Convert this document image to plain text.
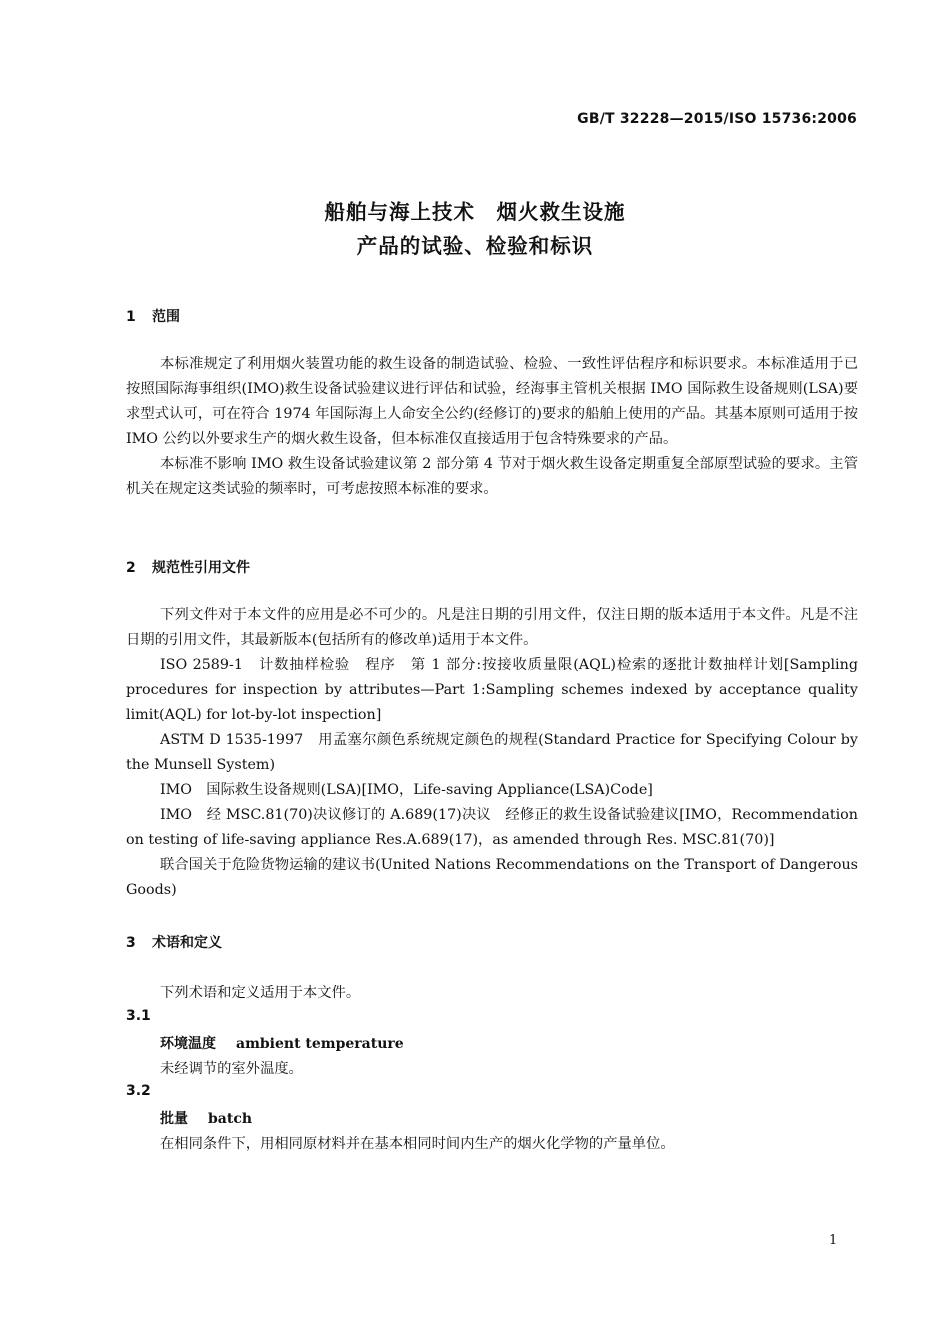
GB/T 32228—2015/ISO 15736:2006
船舶与海上技术　烟火救生设施
产品的试验、检验和标识
1 范围

本标准规定了利用烟火装置功能的救生设备的制造试验、检验、一致性评估程序和标识要求。本标准适用于已按照国际海事组织(IMO)救生设备试验建议进行评估和试验，经海事主管机关根据 IMO 国际救生设备规则(LSA)要求型式认可，可在符合 1974 年国际海上人命安全公约(经修订的)要求的船舶上使用的产品。其基本原则可适用于按 IMO 公约以外要求生产的烟火救生设备，但本标准仅直接适用于包含特殊要求的产品。

本标准不影响 IMO 救生设备试验建议第 2 部分第 4 节对于烟火救生设备定期重复全部原型试验的要求。主管机关在规定这类试验的频率时，可考虑按照本标准的要求。

2 规范性引用文件

下列文件对于本文件的应用是必不可少的。凡是注日期的引用文件，仅注日期的版本适用于本文件。凡是不注日期的引用文件，其最新版本(包括所有的修改单)适用于本文件。

ISO 2589-1　计数抽样检验　程序　第 1 部分:按接收质量限(AQL)检索的逐批计数抽样计划[Sampling procedures for inspection by attributes—Part 1:Sampling schemes indexed by acceptance quality limit(AQL) for lot-by-lot inspection]

ASTM D 1535-1997　用孟塞尔颜色系统规定颜色的规程(Standard Practice for Specifying Colour by the Munsell System)

IMO　国际救生设备规则(LSA)[IMO，Life-saving Appliance(LSA)Code]

IMO　经 MSC.81(70)决议修订的 A.689(17)决议　经修正的救生设备试验建议[IMO，Recommendation on testing of life-saving appliance Res.A.689(17)，as amended through Res. MSC.81(70)]

联合国关于危险货物运输的建议书(United Nations Recommendations on the Transport of Dangerous Goods)

3 术语和定义
下列术语和定义适用于本文件。
3.1
环境温度 ambient temperature
未经调节的室外温度。
3.2
批量 batch
在相同条件下，用相同原材料并在基本相同时间内生产的烟火化学物的产量单位。
1
